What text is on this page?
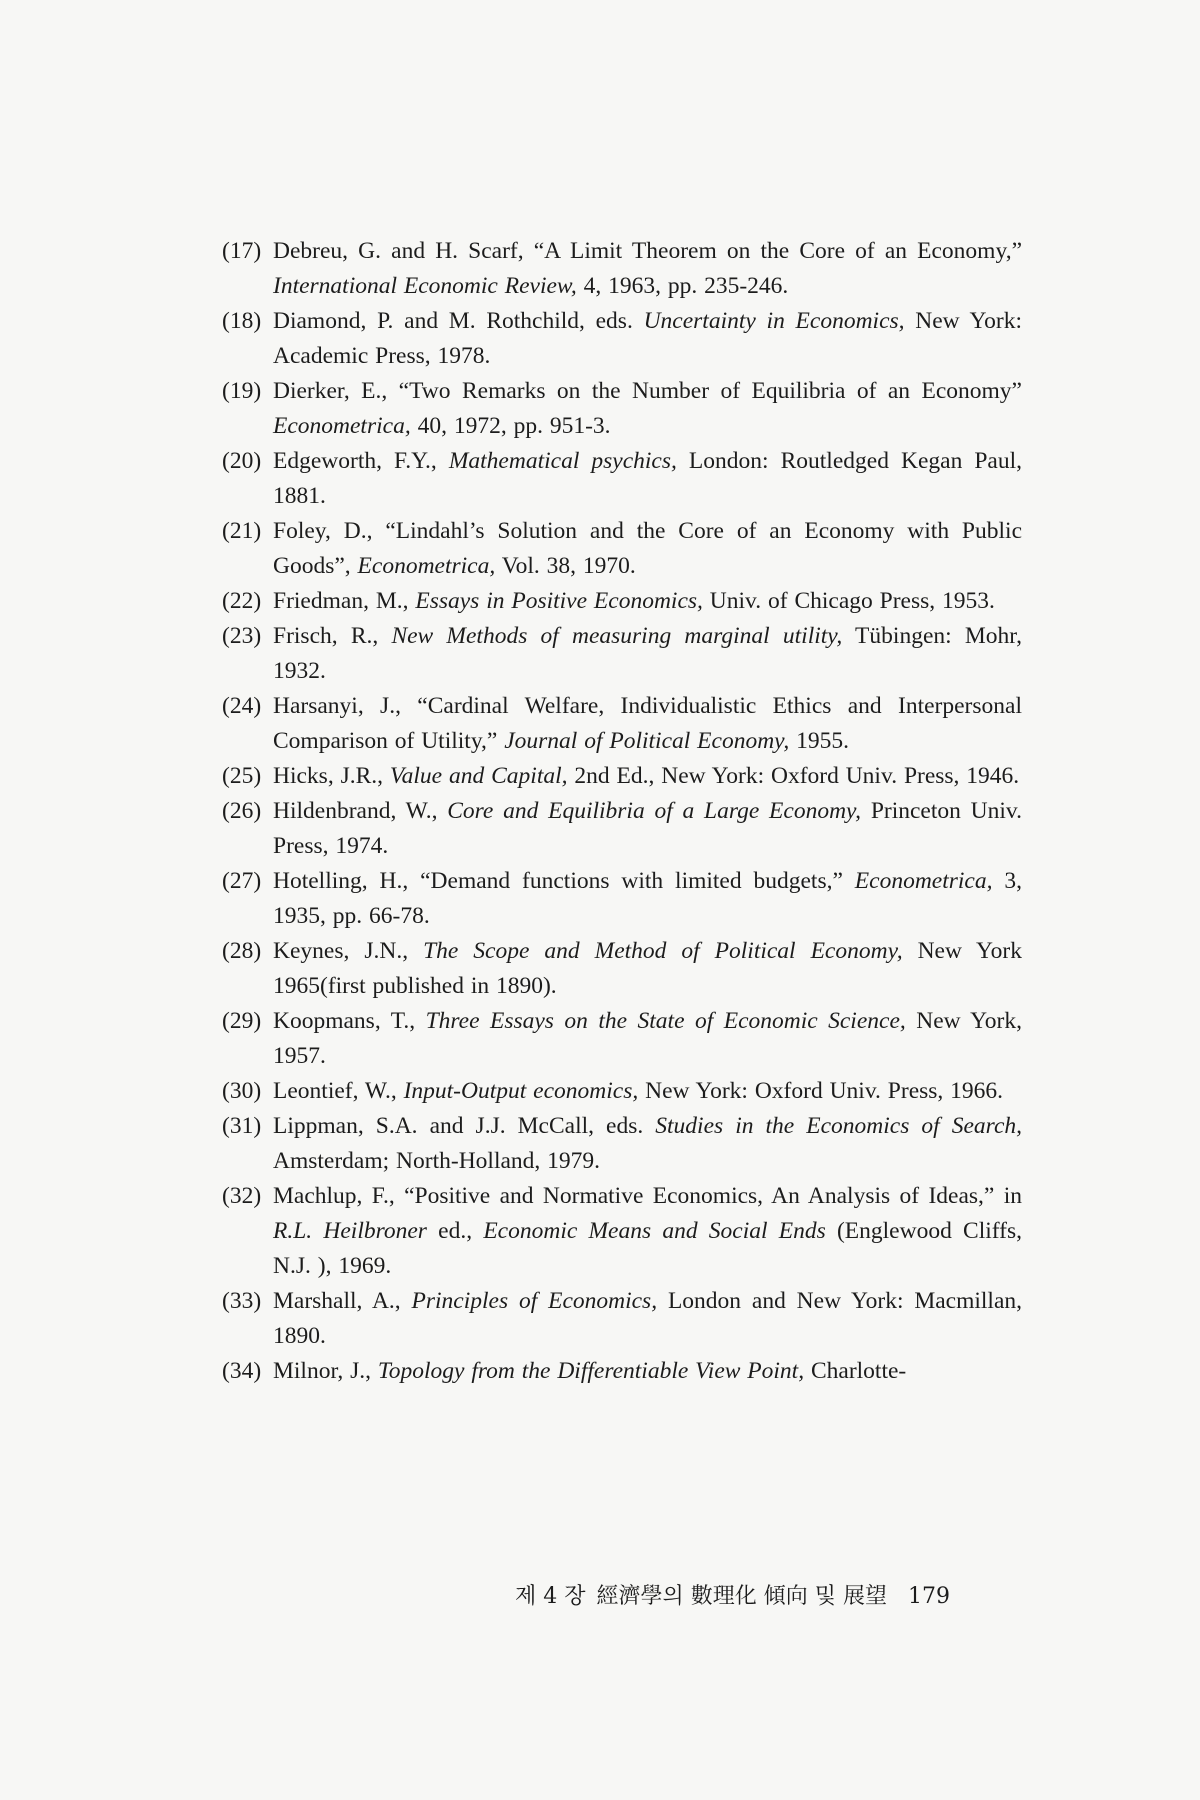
(17) Debreu, G. and H. Scarf, “A Limit Theorem on the Core of an Economy,” International Economic Review, 4, 1963, pp. 235-246.

(18) Diamond, P. and M. Rothchild, eds. Uncertainty in Economics, New York: Academic Press, 1978.

(19) Dierker, E., “Two Remarks on the Number of Equilibria of an Economy” Econometrica, 40, 1972, pp. 951-3.

(20) Edgeworth, F.Y., Mathematical psychics, London: Routledged Kegan Paul, 1881.

(21) Foley, D., “Lindahl’s Solution and the Core of an Economy with Public Goods”, Econometrica, Vol. 38, 1970.

(22) Friedman, M., Essays in Positive Economics, Univ. of Chicago Press, 1953.

(23) Frisch, R., New Methods of measuring marginal utility, Tübingen: Mohr, 1932.

(24) Harsanyi, J., “Cardinal Welfare, Individualistic Ethics and Interpersonal Comparison of Utility,” Journal of Political Economy, 1955.

(25) Hicks, J.R., Value and Capital, 2nd Ed., New York: Oxford Univ. Press, 1946.

(26) Hildenbrand, W., Core and Equilibria of a Large Economy, Princeton Univ. Press, 1974.

(27) Hotelling, H., “Demand functions with limited budgets,” Econometrica, 3, 1935, pp. 66-78.

(28) Keynes, J.N., The Scope and Method of Political Economy, New York 1965(first published in 1890).

(29) Koopmans, T., Three Essays on the State of Economic Science, New York, 1957.

(30) Leontief, W., Input-Output economics, New York: Oxford Univ. Press, 1966.

(31) Lippman, S.A. and J.J. McCall, eds. Studies in the Economics of Search, Amsterdam; North-Holland, 1979.

(32) Machlup, F., “Positive and Normative Economics, An Analysis of Ideas,” in R.L. Heilbroner ed., Economic Means and Social Ends (Englewood Cliffs, N.J. ), 1969.

(33) Marshall, A., Principles of Economics, London and New York: Macmillan, 1890.

(34) Milnor, J., Topology from the Differentiable View Point, Charlotte-

제 4 장 經濟學의 數理化 傾向 및 展望 179
